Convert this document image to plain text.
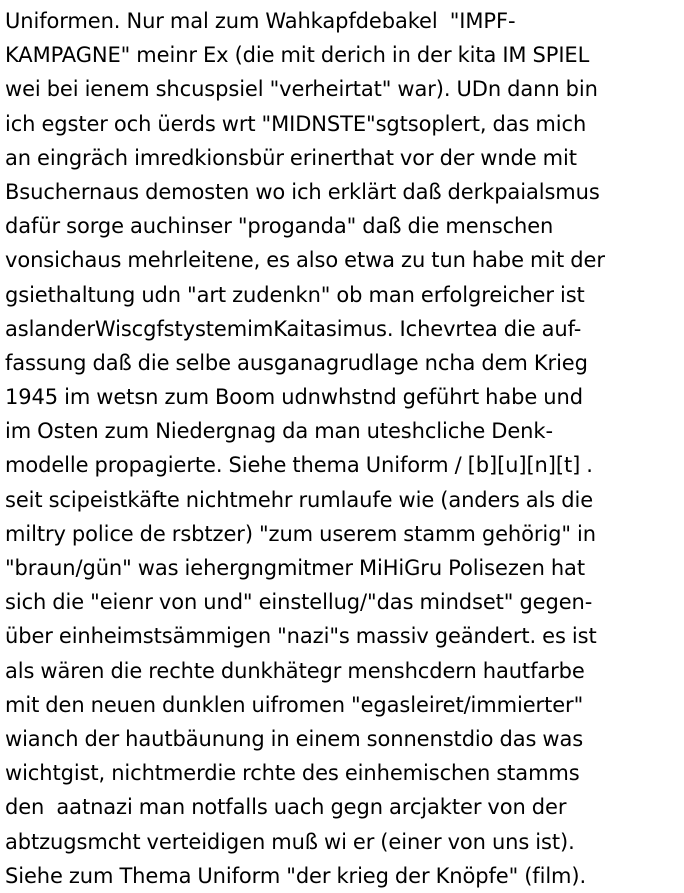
Uniformen. Nur mal zum Wahkapfdebakel  "IMPF-
KAMPAGNE" meinr Ex (die mit derich in der kita IM SPIEL
wei bei ienem shcuspsiel "verheirtat" war). UDn dann bin
ich egster och üerds wrt "MIDNSTE"sgtsoplert, das mich
an eingräch imredkionsbür erinerthat vor der wnde mit
Bsuchernaus demosten wo ich erklärt daß derkpaialsmus
dafür sorge auchinser "proganda" daß die menschen
vonsichaus mehrleitene, es also etwa zu tun habe mit der
gsiethaltung udn "art zudenkn" ob man erfolgreicher ist
aslanderWiscgfstystemimKaitasimus. Ichevrtea die auf-
fassung daß die selbe ausganagrudlage ncha dem Krieg
1945 im wetsn zum Boom udnwhstnd geführt habe und
im Osten zum Niedergnag da man uteshcliche Denk-
modelle propagierte. Siehe thema Uniform / [b][u][n][t] .
seit scipeistkäfte nichtmehr rumlaufe wie (anders als die
miltry police de rsbtzer) "zum userem stamm gehörig" in
"braun/gün" was iehergngmitmer MiHiGru Polisezen hat
sich die "eienr von und" einstellug/"das mindset" gegen-
über einheimstsämmigen "nazi"s massiv geändert. es ist
als wären die rechte dunkhätegr menshcdern hautfarbe
mit den neuen dunklen uifromen "egasleiret/immierter"
wianch der hautbäunung in einem sonnenstdio das was
wichtgist, nichtmerdie rchte des einhemischen stamms
den  aatnazi man notfalls uach gegn arcjakter von der
abtzugsmcht verteidigen muß wi er (einer von uns ist).
Siehe zum Thema Uniform "der krieg der Knöpfe" (film).
